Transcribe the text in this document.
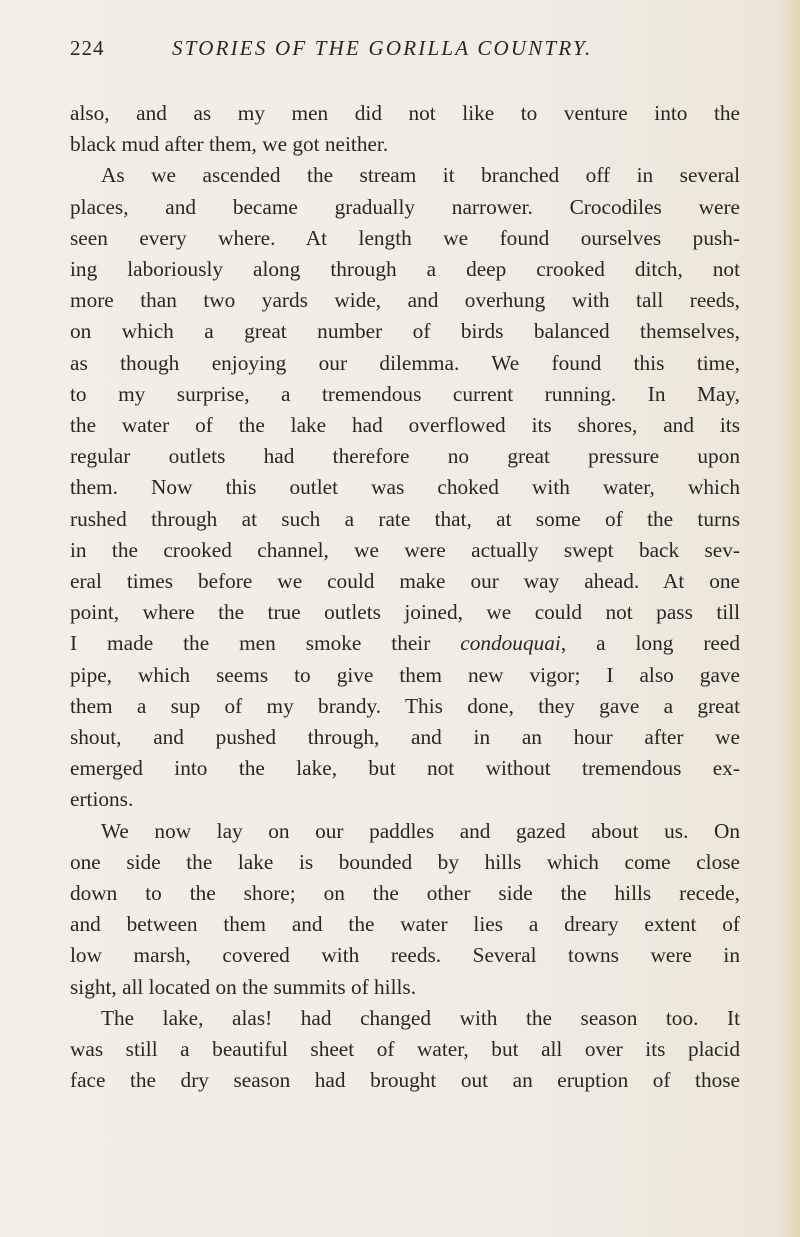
224	STORIES OF THE GORILLA COUNTRY.

also, and as my men did not like to venture into the
black mud after them, we got neither.

As we ascended the stream it branched off in several
places, and became gradually narrower. Crocodiles were
seen every where. At length we found ourselves push-
ing laboriously along through a deep crooked ditch, not
more than two yards wide, and overhung with tall reeds,
on which a great number of birds balanced themselves,
as though enjoying our dilemma. We found this time,
to my surprise, a tremendous current running. In May,
the water of the lake had overflowed its shores, and its
regular outlets had therefore no great pressure upon
them. Now this outlet was choked with water, which
rushed through at such a rate that, at some of the turns
in the crooked channel, we were actually swept back sev-
eral times before we could make our way ahead. At one
point, where the true outlets joined, we could not pass till
I made the men smoke their condouquai, a long reed
pipe, which seems to give them new vigor; I also gave
them a sup of my brandy. This done, they gave a great
shout, and pushed through, and in an hour after we
emerged into the lake, but not without tremendous ex-
ertions.

We now lay on our paddles and gazed about us. On
one side the lake is bounded by hills which come close
down to the shore; on the other side the hills recede,
and between them and the water lies a dreary extent of
low marsh, covered with reeds. Several towns were in
sight, all located on the summits of hills.

The lake, alas! had changed with the season too. It
was still a beautiful sheet of water, but all over its placid
face the dry season had brought out an eruption of those
